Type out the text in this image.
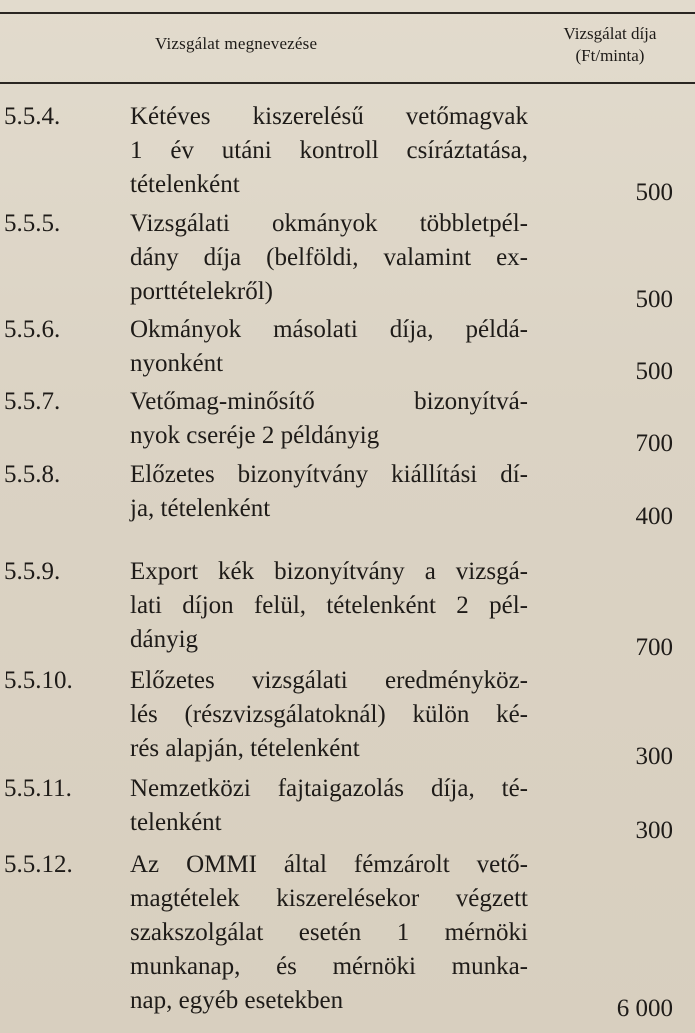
Vizsgálat megnevezése
Vizsgálat díja
(Ft/minta)
5.5.4.	Kétéves kiszerelésű vetőmagvak
1 év utáni kontroll csíráztatása,
tételenként	500
5.5.5.	Vizsgálati okmányok többletpél-
dány díja (belföldi, valamint ex-
porttételekről)	500
5.5.6.	Okmányok másolati díja, példá-
nyonként	500
5.5.7.	Vetőmag-minősítő bizonyítvá-
nyok cseréje 2 példányig	700
5.5.8.	Előzetes bizonyítvány kiállítási dí-
ja, tételenként	400
5.5.9.	Export kék bizonyítvány a vizsgá-
lati díjon felül, tételenként 2 pél-
dányig	700
5.5.10. Előzetes vizsgálati eredményköz-
lés (részvizsgálatoknál) külön ké-
rés alapján, tételenként	300
5.5.11. Nemzetközi fajtaigazolás díja, té-
telenként	300
5.5.12. Az OMMI által fémzárolt vető-
magtételek kiszerelésekor végzett
szakszolgálat esetén 1 mérnöki
munkanap, és mérnöki munka-
nap, egyéb esetekben	6 000
